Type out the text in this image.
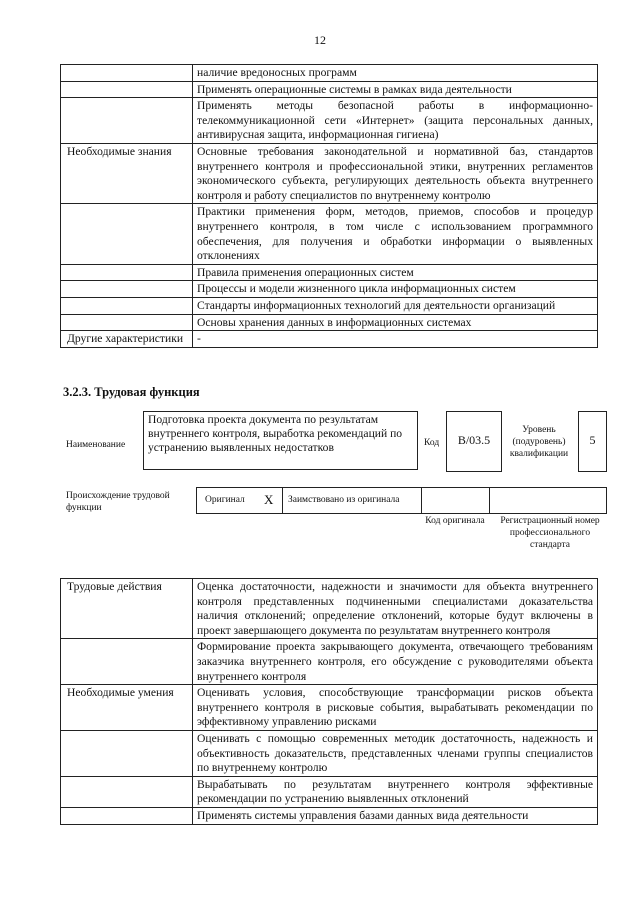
12
	наличие вредоносных программ
	Применять операционные системы в рамках вида деятельности
	Применять методы безопасной работы в информационно-телекоммуникационной сети «Интернет» (защита персональных данных, антивирусная защита, информационная гигиена)
Необходимые знания	Основные требования законодательной и нормативной баз, стандартов внутреннего контроля и профессиональной этики, внутренних регламентов экономического субъекта, регулирующих деятельность объекта внутреннего контроля и работу специалистов по внутреннему контролю
	Практики применения форм, методов, приемов, способов и процедур внутреннего контроля, в том числе с использованием программного обеспечения, для получения и обработки информации о выявленных отклонениях
	Правила применения операционных систем
	Процессы и модели жизненного цикла информационных систем
	Стандарты информационных технологий для деятельности организаций
	Основы хранения данных в информационных системах
Другие характеристики	-
3.2.3. Трудовая функция
Наименование
Подготовка проекта документа по результатам внутреннего контроля, выработка рекомендаций по устранению выявленных недостатков	Код	B/03.5
Уровень (подуровень) квалификации
5
Происхождение трудовой функции
Оригинал X Заимствовано из оригинала
Код оригинала	Регистрационный номер профессионального стандарта
Трудовые действия	Оценка достаточности, надежности и значимости для объекта внутреннего контроля представленных подчиненными специалистами доказательства наличия отклонений; определение отклонений, которые будут включены в проект завершающего документа по результатам внутреннего контроля
	Формирование проекта закрывающего документа, отвечающего требованиям заказчика внутреннего контроля, его обсуждение с руководителями объекта внутреннего контроля
Необходимые умения	Оценивать условия, способствующие трансформации рисков объекта внутреннего контроля в рисковые события, вырабатывать рекомендации по эффективному управлению рисками
	Оценивать с помощью современных методик достаточность, надежность и объективность доказательств, представленных членами группы специалистов по внутреннему контролю
	Вырабатывать по результатам внутреннего контроля эффективные рекомендации по устранению выявленных отклонений
	Применять системы управления базами данных вида деятельности
